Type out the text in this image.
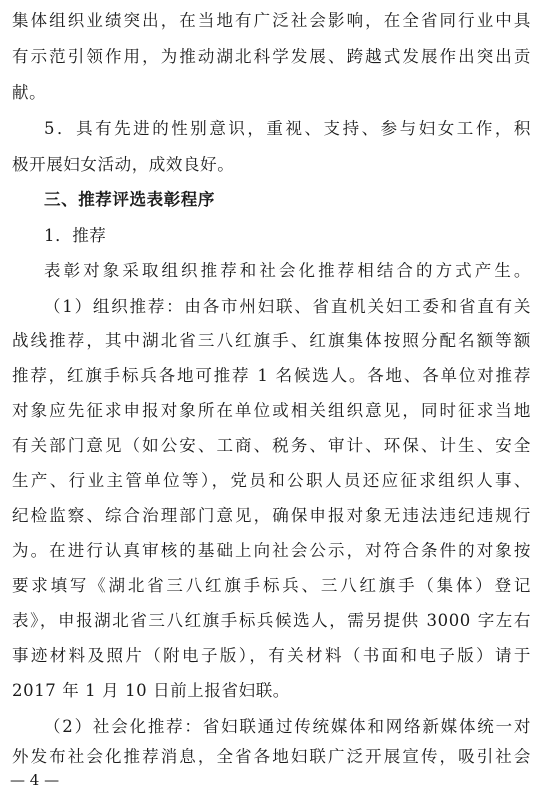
集体组织业绩突出，在当地有广泛社会影响，在全省同行业中具
有示范引领作用，为推动湖北科学发展、跨越式发展作出突出贡
献。
5．具有先进的性别意识，重视、支持、参与妇女工作，积
极开展妇女活动，成效良好。
三、推荐评选表彰程序
1．推荐
表彰对象采取组织推荐和社会化推荐相结合的方式产生。
（1）组织推荐：由各市州妇联、省直机关妇工委和省直有关
战线推荐，其中湖北省三八红旗手、红旗集体按照分配名额等额
推荐，红旗手标兵各地可推荐 1 名候选人。各地、各单位对推荐
对象应先征求申报对象所在单位或相关组织意见，同时征求当地
有关部门意见（如公安、工商、税务、审计、环保、计生、安全
生产、行业主管单位等），党员和公职人员还应征求组织人事、
纪检监察、综合治理部门意见，确保申报对象无违法违纪违规行
为。在进行认真审核的基础上向社会公示，对符合条件的对象按
要求填写《湖北省三八红旗手标兵、三八红旗手（集体）登记
表》，申报湖北省三八红旗手标兵候选人，需另提供 3000 字左右
事迹材料及照片（附电子版），有关材料（书面和电子版）请于
2017 年 1 月 10 日前上报省妇联。
（2）社会化推荐：省妇联通过传统媒体和网络新媒体统一对
外发布社会化推荐消息，全省各地妇联广泛开展宣传，吸引社会
— 4 —
